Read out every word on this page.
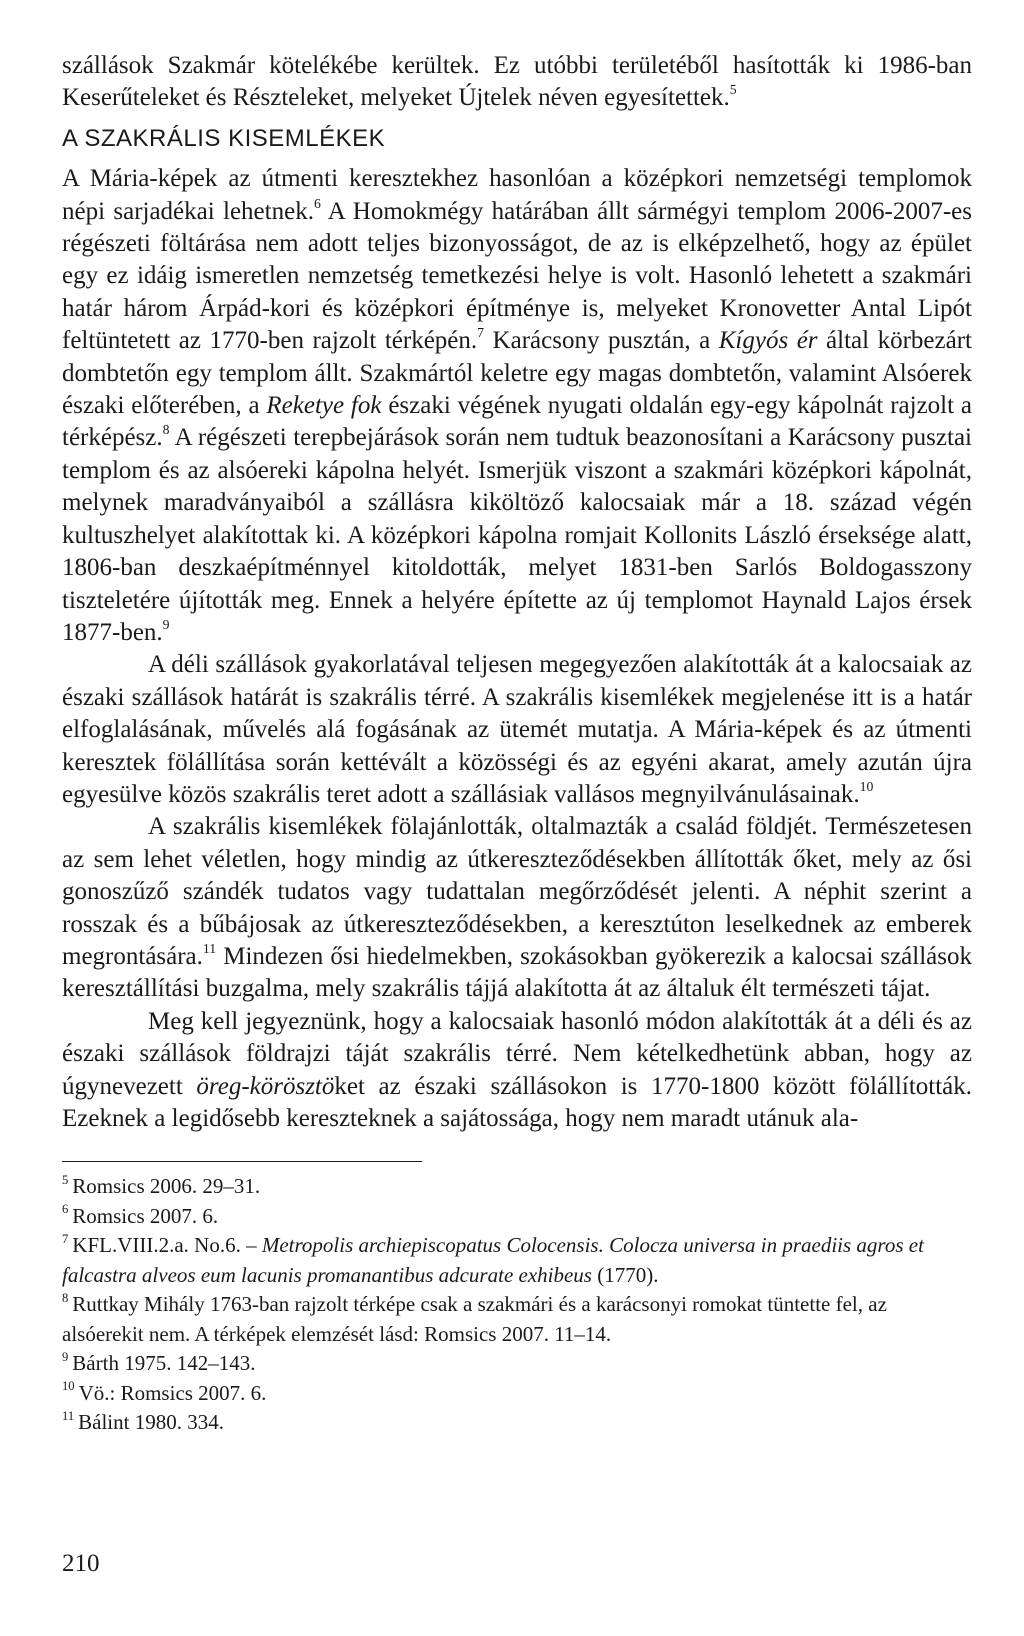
szállások Szakmár kötelékébe kerültek. Ez utóbbi területéből hasították ki 1986-ban Keserűteleket és Részteleket, melyeket Újtelek néven egyesítettek.$^5$

A SZAKRÁLIS KISEMLÉKEK

A Mária-képek az útmenti keresztekhez hasonlóan a középkori nemzetségi templomok népi sarjadékai lehetnek.$^6$ A Homokmégy határában állt sármégyi templom 2006-2007-es régészeti föltárása nem adott teljes bizonyosságot, de az is elképzelhető, hogy az épület egy ez idáig ismeretlen nemzetség temetkezési helye is volt. Hasonló lehetett a szakmári határ három Árpád-kori és középkori építménye is, melyeket Kronovetter Antal Lipót feltüntetett az 1770-ben rajzolt térképén.$^7$ Karácsony pusztán, a Kígyós ér által körbezárt dombtetőn egy templom állt. Szakmártól keletre egy magas dombtetőn, valamint Alsóerek északi előterében, a Reketye fok északi végének nyugati oldalán egy-egy kápolnát rajzolt a térképész.$^8$ A régészeti terepbejárások során nem tudtuk beazonosítani a Karácsony pusztai templom és az alsóereki kápolna helyét. Ismerjük viszont a szakmári középkori kápolnát, melynek maradványaiból a szállásra kiköltöző kalocsaiak már a 18. század végén kultuszhelyet alakítottak ki. A középkori kápolna romjait Kollonits László érseksége alatt, 1806-ban deszkaépítménnyel kitoldották, melyet 1831-ben Sarlós Boldogasszony tiszteletére újították meg. Ennek a helyére építette az új templomot Haynald Lajos érsek 1877-ben.$^9$

A déli szállások gyakorlatával teljesen megegyezően alakították át a kalocsaiak az északi szállások határát is szakrális térré. A szakrális kisemlékek megjelenése itt is a határ elfoglalásának, művelés alá fogásának az ütemét mutatja. A Mária-képek és az útmenti keresztek fölállítása során kettévált a közösségi és az egyéni akarat, amely azután újra egyesülve közös szakrális teret adott a szállásiak vallásos megnyilvánulásainak.$^{10}$

A szakrális kisemlékek fölajánlották, oltalmazták a család földjét. Természetesen az sem lehet véletlen, hogy mindig az útkereszteződésekben állították őket, mely az ősi gonoszűző szándék tudatos vagy tudattalan megőrződését jelenti. A néphit szerint a rosszak és a bűbájosak az útkereszteződésekben, a keresztúton leselkednek az emberek megrontására.$^{11}$ Mindezen ősi hiedelmekben, szokásokban gyökerezik a kalocsai szállások keresztállítási buzgalma, mely szakrális tájjá alakította át az általuk élt természeti tájat.

Meg kell jegyeznünk, hogy a kalocsaiak hasonló módon alakították át a déli és az északi szállások földrajzi táját szakrális térré. Nem kételkedhetünk abban, hogy az úgynevezett öreg-körösztöket az északi szállásokon is 1770-1800 között fölállították. Ezeknek a legidősebb kereszteknek a sajátossága, hogy nem maradt utánuk ala-

$^5$ Romsics 2006. 29–31.

$^6$ Romsics 2007. 6.

$^7$ KFL.VIII.2.a. No.6. – Metropolis archiepiscopatus Colocensis. Colocza universa in praediis agros et falcastra alveos eum lacunis promanantibus adcurate exhibeus (1770).

$^8$ Ruttkay Mihály 1763-ban rajzolt térképe csak a szakmári és a karácsonyi romokat tüntette fel, az alsóerekit nem. A térképek elemzését lásd: Romsics 2007. 11–14.

$^9$ Bárth 1975. 142–143.

$^{10}$ Vö.: Romsics 2007. 6.

$^{11}$ Bálint 1980. 334.

210
